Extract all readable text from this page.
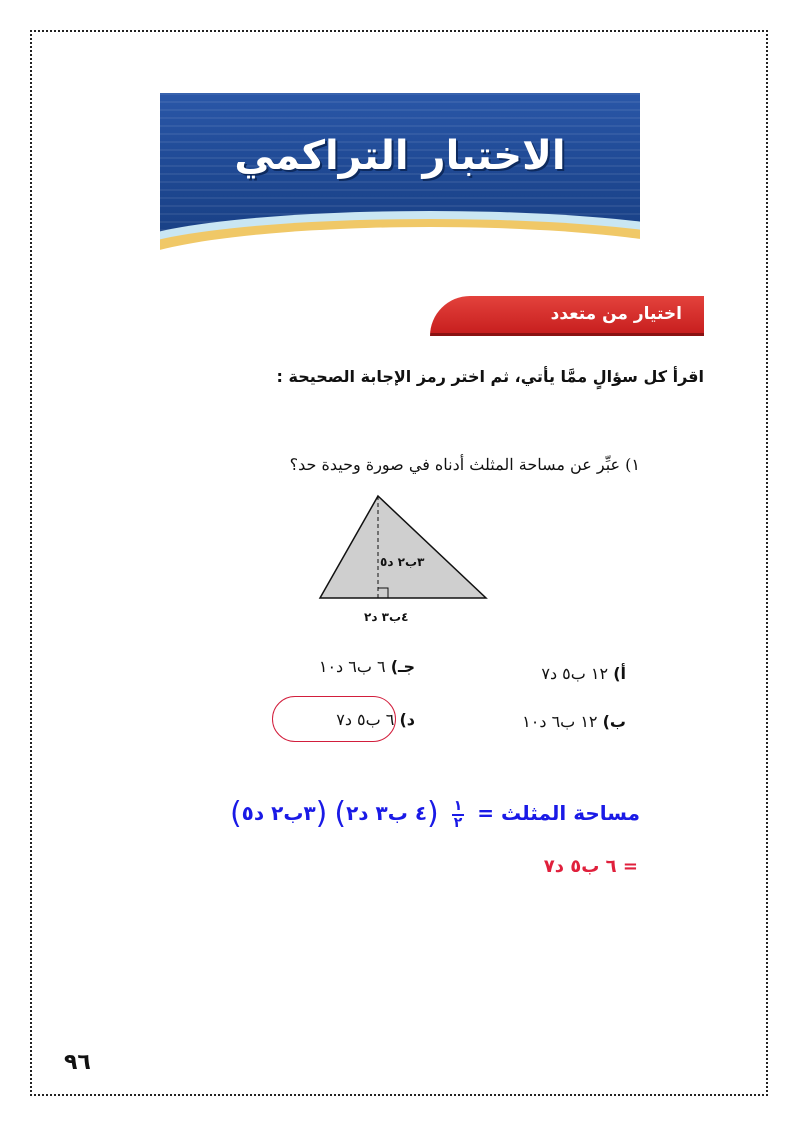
الاختبار التراكمي
اختيار من متعدد
اقرأ كل سؤالٍ ممَّا يأتي، ثم اختر رمز الإجابة الصحيحة :
١) عبِّر عن مساحة المثلث أدناه في صورة وحيدة حد؟
٣ب٢ د٥
٤ب٣ د٢
أ) ١٢ ب٥ د٧
ب) ١٢ ب٦ د١٠
جـ) ٦ ب٦ د١٠
د) ٦ ب٥ د٧
مساحة المثلث =
$\frac{١}{٢}$
(٤ ب٣ د٢) (٣ب٢ د٥)
= ٦ ب٥ د٧
٩٦
